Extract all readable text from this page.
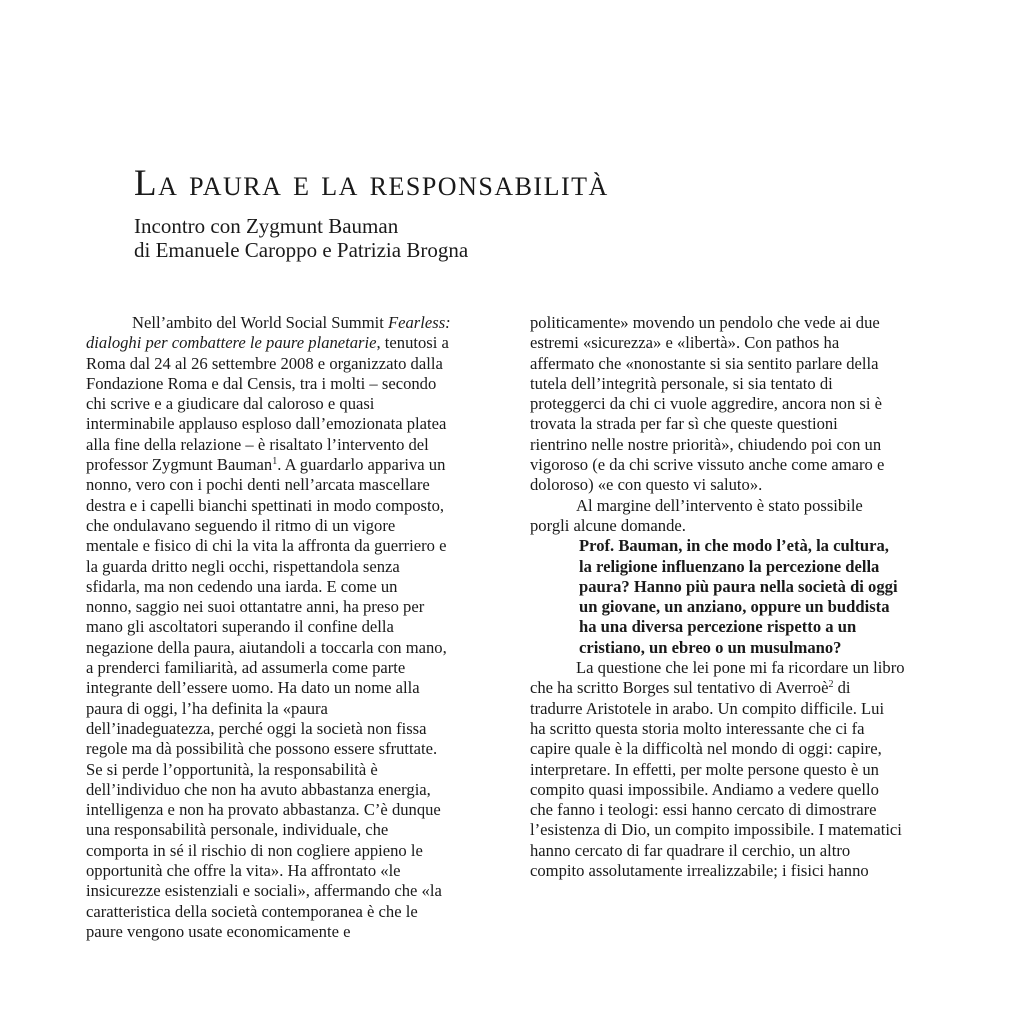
La paura e la responsabilità
Incontro con Zygmunt Bauman
di Emanuele Caroppo e Patrizia Brogna

Nell’ambito del World Social Summit Fearless:
dialoghi per combattere le paure planetarie, tenutosi a
Roma dal 24 al 26 settembre 2008 e organizzato dalla
Fondazione Roma e dal Censis, tra i molti – secondo
chi scrive e a giudicare dal caloroso e quasi
interminabile applauso esploso dall’emozionata platea
alla fine della relazione – è risaltato l’intervento del
professor Zygmunt Bauman$^1$. A guardarlo appariva un
nonno, vero con i pochi denti nell’arcata mascellare
destra e i capelli bianchi spettinati in modo composto,
che ondulavano seguendo il ritmo di un vigore
mentale e fisico di chi la vita la affronta da guerriero e
la guarda dritto negli occhi, rispettandola senza
sfidarla, ma non cedendo una iarda. E come un
nonno, saggio nei suoi ottantatre anni, ha preso per
mano gli ascoltatori superando il confine della
negazione della paura, aiutandoli a toccarla con mano,
a prenderci familiarità, ad assumerla come parte
integrante dell’essere uomo. Ha dato un nome alla
paura di oggi, l’ha definita la «paura
dell’inadeguatezza, perché oggi la società non fissa
regole ma dà possibilità che possono essere sfruttate.
Se si perde l’opportunità, la responsabilità è
dell’individuo che non ha avuto abbastanza energia,
intelligenza e non ha provato abbastanza. C’è dunque
una responsabilità personale, individuale, che
comporta in sé il rischio di non cogliere appieno le
opportunità che offre la vita». Ha affrontato «le
insicurezze esistenziali e sociali», affermando che «la
caratteristica della società contemporanea è che le
paure vengono usate economicamente e

politicamente» movendo un pendolo che vede ai due
estremi «sicurezza» e «libertà». Con pathos ha
affermato che «nonostante si sia sentito parlare della
tutela dell’integrità personale, si sia tentato di
proteggerci da chi ci vuole aggredire, ancora non si è
trovata la strada per far sì che queste questioni
rientrino nelle nostre priorità», chiudendo poi con un
vigoroso (e da chi scrive vissuto anche come amaro e
doloroso) «e con questo vi saluto».

Al margine dell’intervento è stato possibile
porgli alcune domande.

Prof. Bauman, in che modo l’età, la cultura,
la religione influenzano la percezione della
paura? Hanno più paura nella società di oggi
un giovane, un anziano, oppure un buddista
ha una diversa percezione rispetto a un
cristiano, un ebreo o un musulmano?

La questione che lei pone mi fa ricordare un libro
che ha scritto Borges sul tentativo di Averroè$^2$ di
tradurre Aristotele in arabo. Un compito difficile. Lui
ha scritto questa storia molto interessante che ci fa
capire quale è la difficoltà nel mondo di oggi: capire,
interpretare. In effetti, per molte persone questo è un
compito quasi impossibile. Andiamo a vedere quello
che fanno i teologi: essi hanno cercato di dimostrare
l’esistenza di Dio, un compito impossibile. I matematici
hanno cercato di far quadrare il cerchio, un altro
compito assolutamente irrealizzabile; i fisici hanno
